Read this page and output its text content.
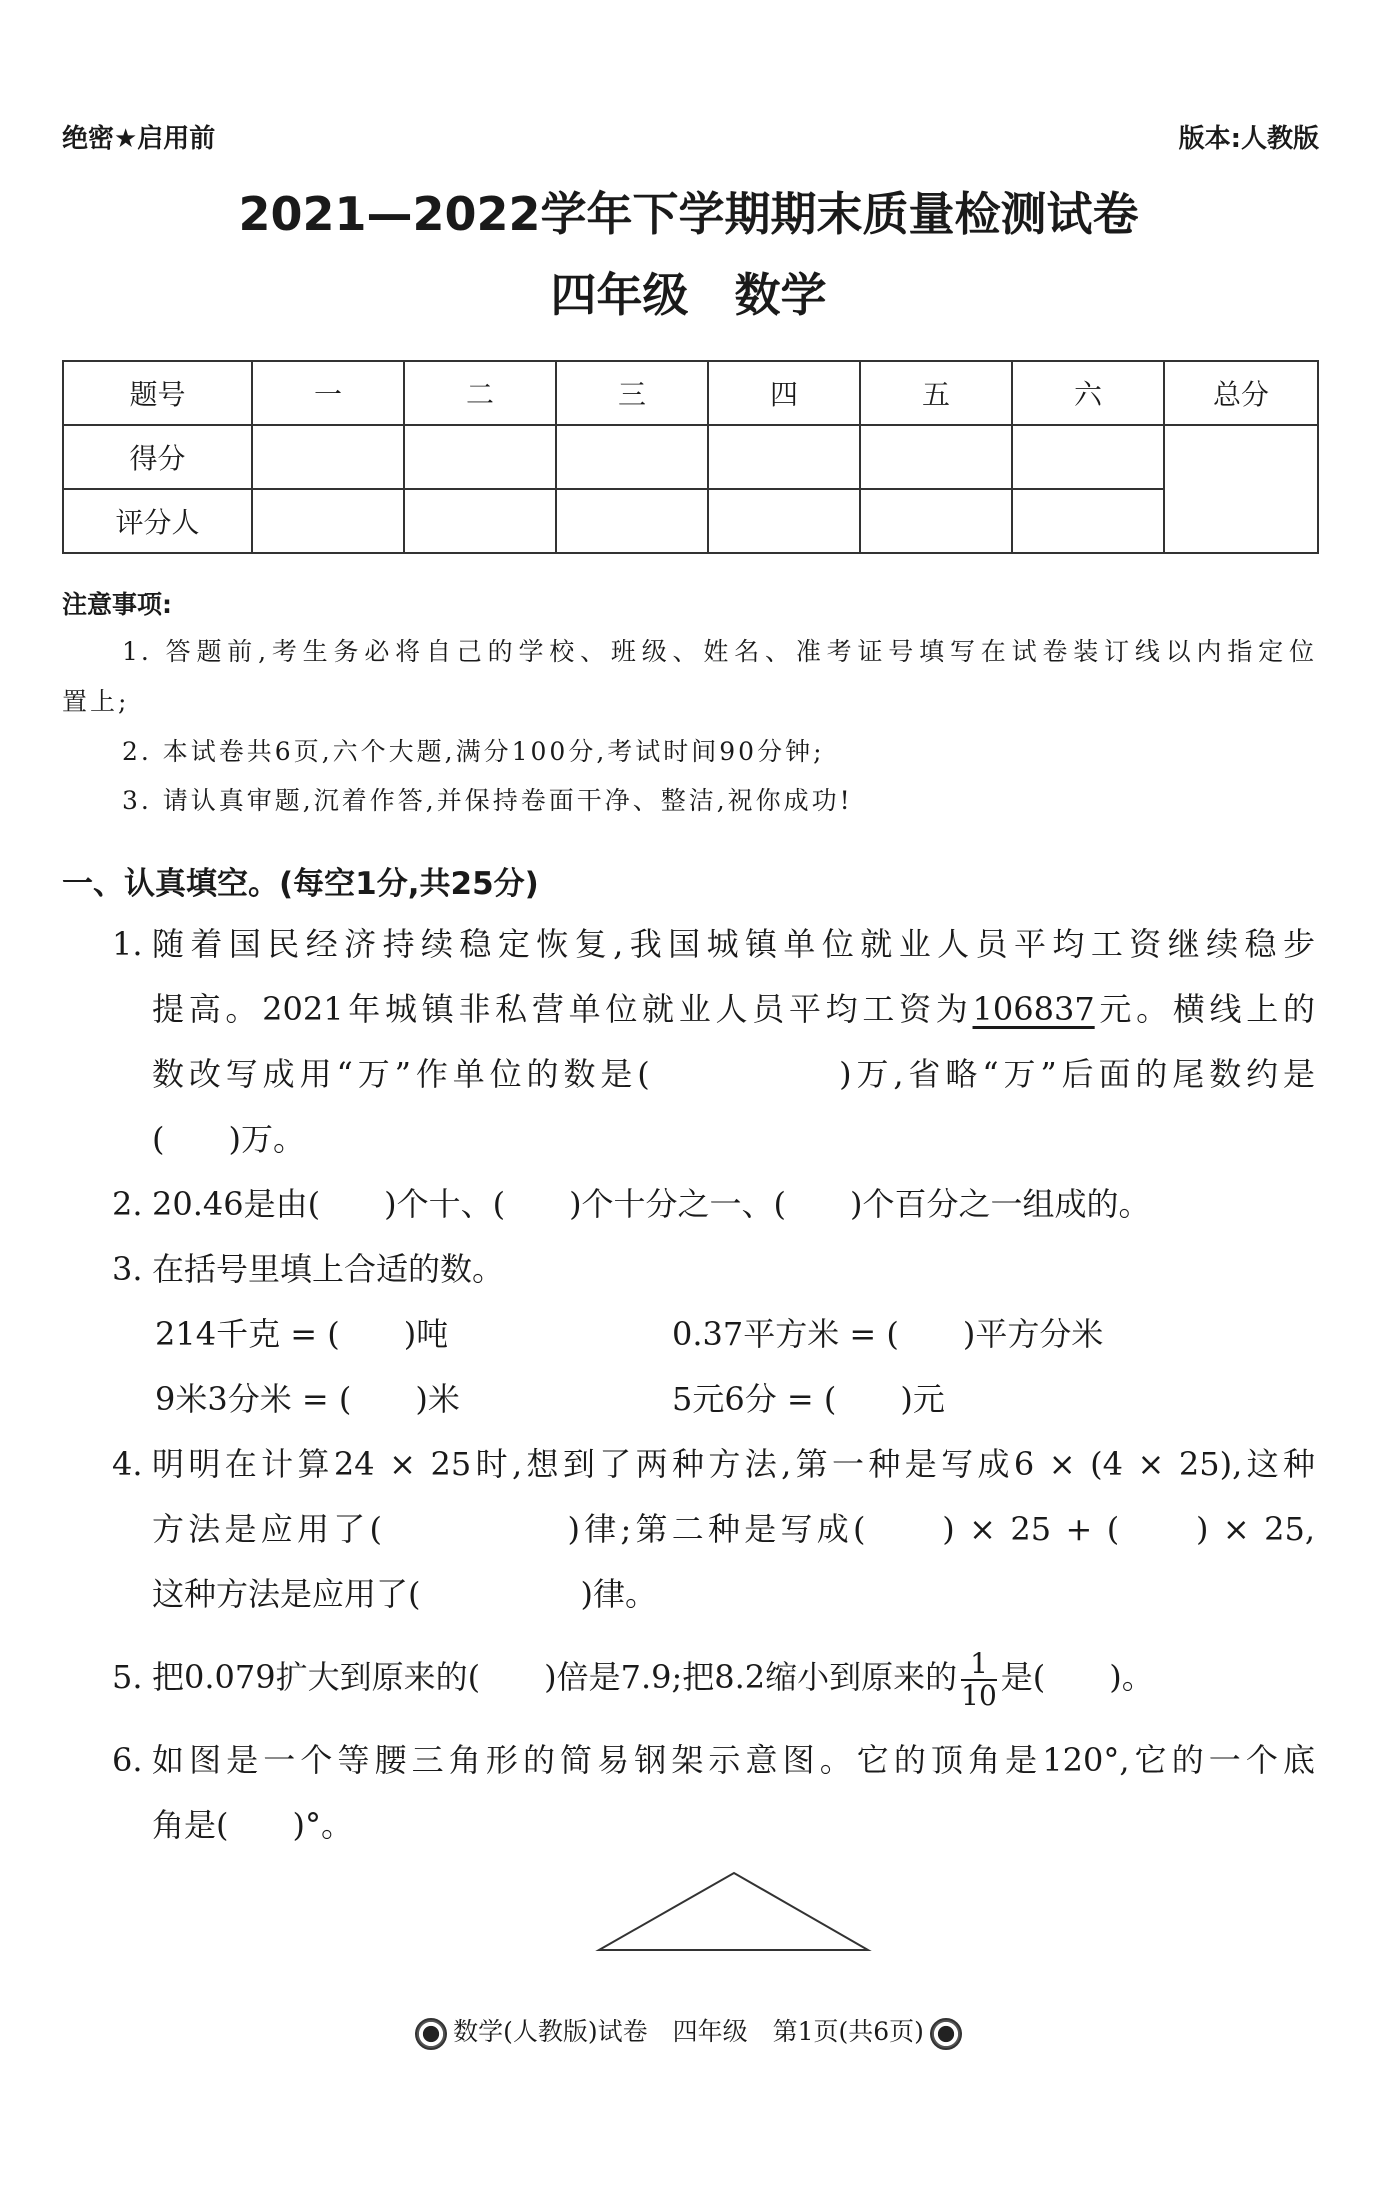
绝密★启用前	版本:人教版
2021—2022学年下学期期末质量检测试卷
四年级　数学
题号	一	二	三	四	五	六	总分
得分							
评分人							
注意事项:
1. 答题前,考生务必将自己的学校、班级、姓名、准考证号填写在试卷装订线以内指定位
置上;
2. 本试卷共6页,六个大题,满分100分,考试时间90分钟;
3. 请认真审题,沉着作答,并保持卷面干净、整洁,祝你成功!
一、认真填空。(每空1分,共25分)
1. 随着国民经济持续稳定恢复,我国城镇单位就业人员平均工资继续稳步
提高。2021年城镇非私营单位就业人员平均工资为106837元。横线上的
数改写成用“万”作单位的数是(　　　　　)万,省略“万”后面的尾数约是
(　　)万。
2. 20.46是由(　　)个十、(　　)个十分之一、(　　)个百分之一组成的。
3. 在括号里填上合适的数。
214千克 = (　　)吨	0.37平方米 = (　　)平方分米
9米3分米 = (　　)米	5元6分 = (　　)元
4. 明明在计算24 × 25时,想到了两种方法,第一种是写成6 × (4 × 25),这种
方法是应用了(　　　　　)律;第二种是写成(　　) × 25 + (　　) × 25,
这种方法是应用了(　　　　　)律。
5. 把0.079扩大到原来的(　　)倍是7.9;把8.2缩小到原来的 $\frac{1}{10}$ 是(　　)。
6. 如图是一个等腰三角形的简易钢架示意图。它的顶角是120°,它的一个底
角是(　　)°。
数学(人教版)试卷　四年级　第1页(共6页)
